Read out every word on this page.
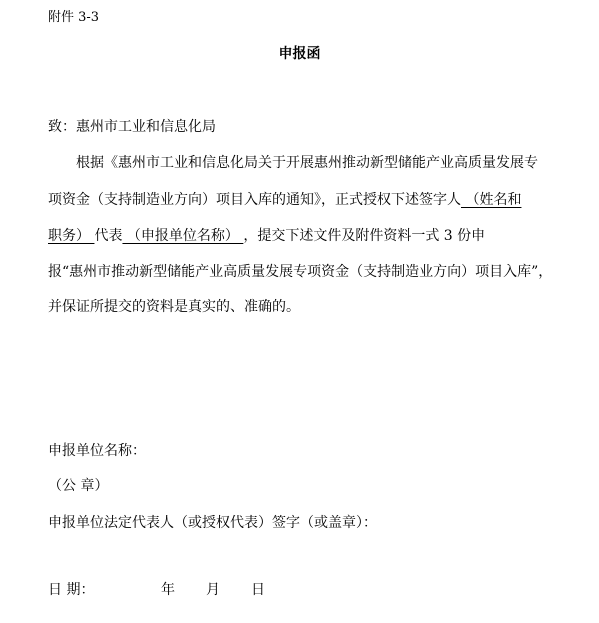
附件 3-3
申报函
致：惠州市工业和信息化局
根据《惠州市工业和信息化局关于开展惠州推动新型储能产业高质量发展专
项资金（支持制造业方向）项目入库的通知》，正式授权下述签字人 （姓名和
职务） 代表 （申报单位名称） ，提交下述文件及附件资料一式 3 份申
报“惠州市推动新型储能产业高质量发展专项资金（支持制造业方向）项目入库”，
并保证所提交的资料是真实的、准确的。
申报单位名称：
（公 章）
申报单位法定代表人（或授权代表）签字（或盖章）：
日 期：	年 月 日
